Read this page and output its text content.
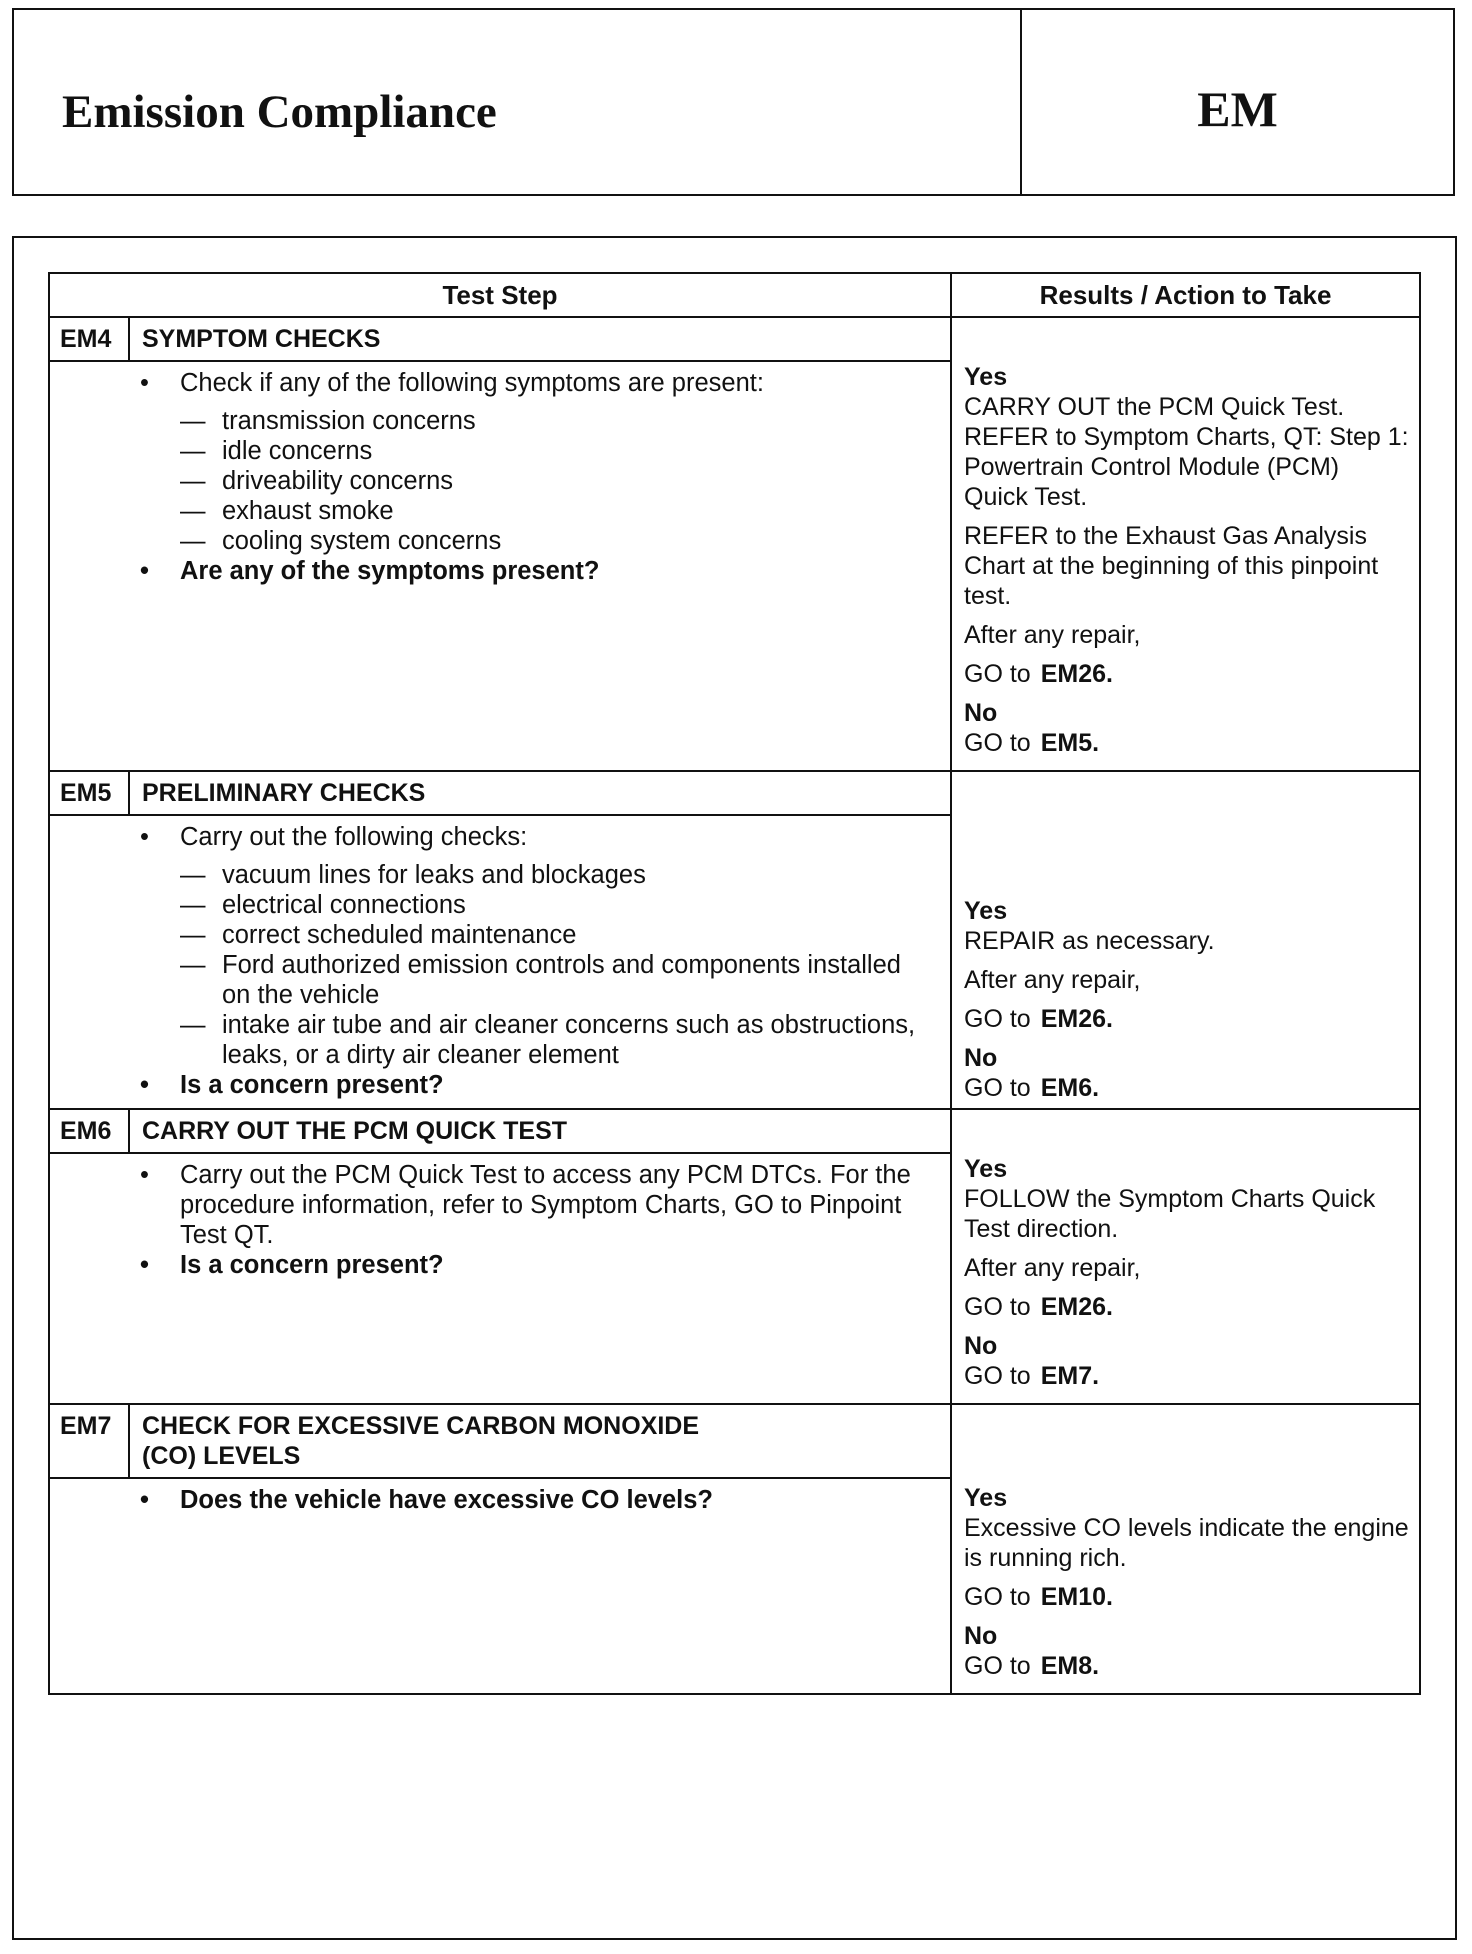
Emission Compliance	EM
Test Step	Results / Action to Take
EM4	SYMPTOM CHECKS
• Check if any of the following symptoms are present:
— transmission concerns
— idle concerns
— driveability concerns
— exhaust smoke
— cooling system concerns
• Are any of the symptoms present?
Yes
CARRY OUT the PCM Quick Test. REFER to Symptom Charts, QT: Step 1: Powertrain Control Module (PCM) Quick Test.
REFER to the Exhaust Gas Analysis Chart at the beginning of this pinpoint test.
After any repair,
GO to EM26.
No
GO to EM5.
EM5	PRELIMINARY CHECKS
• Carry out the following checks:
— vacuum lines for leaks and blockages
— electrical connections
— correct scheduled maintenance
— Ford authorized emission controls and components installed on the vehicle
— intake air tube and air cleaner concerns such as obstructions, leaks, or a dirty air cleaner element
• Is a concern present?
Yes
REPAIR as necessary.
After any repair,
GO to EM26.
No
GO to EM6.
EM6	CARRY OUT THE PCM QUICK TEST
• Carry out the PCM Quick Test to access any PCM DTCs. For the procedure information, refer to Symptom Charts, GO to Pinpoint Test QT.
• Is a concern present?
Yes
FOLLOW the Symptom Charts Quick Test direction.
After any repair,
GO to EM26.
No
GO to EM7.
EM7	CHECK FOR EXCESSIVE CARBON MONOXIDE (CO) LEVELS
• Does the vehicle have excessive CO levels?	Yes
Excessive CO levels indicate the engine is running rich.
GO to EM10.
No
GO to EM8.
